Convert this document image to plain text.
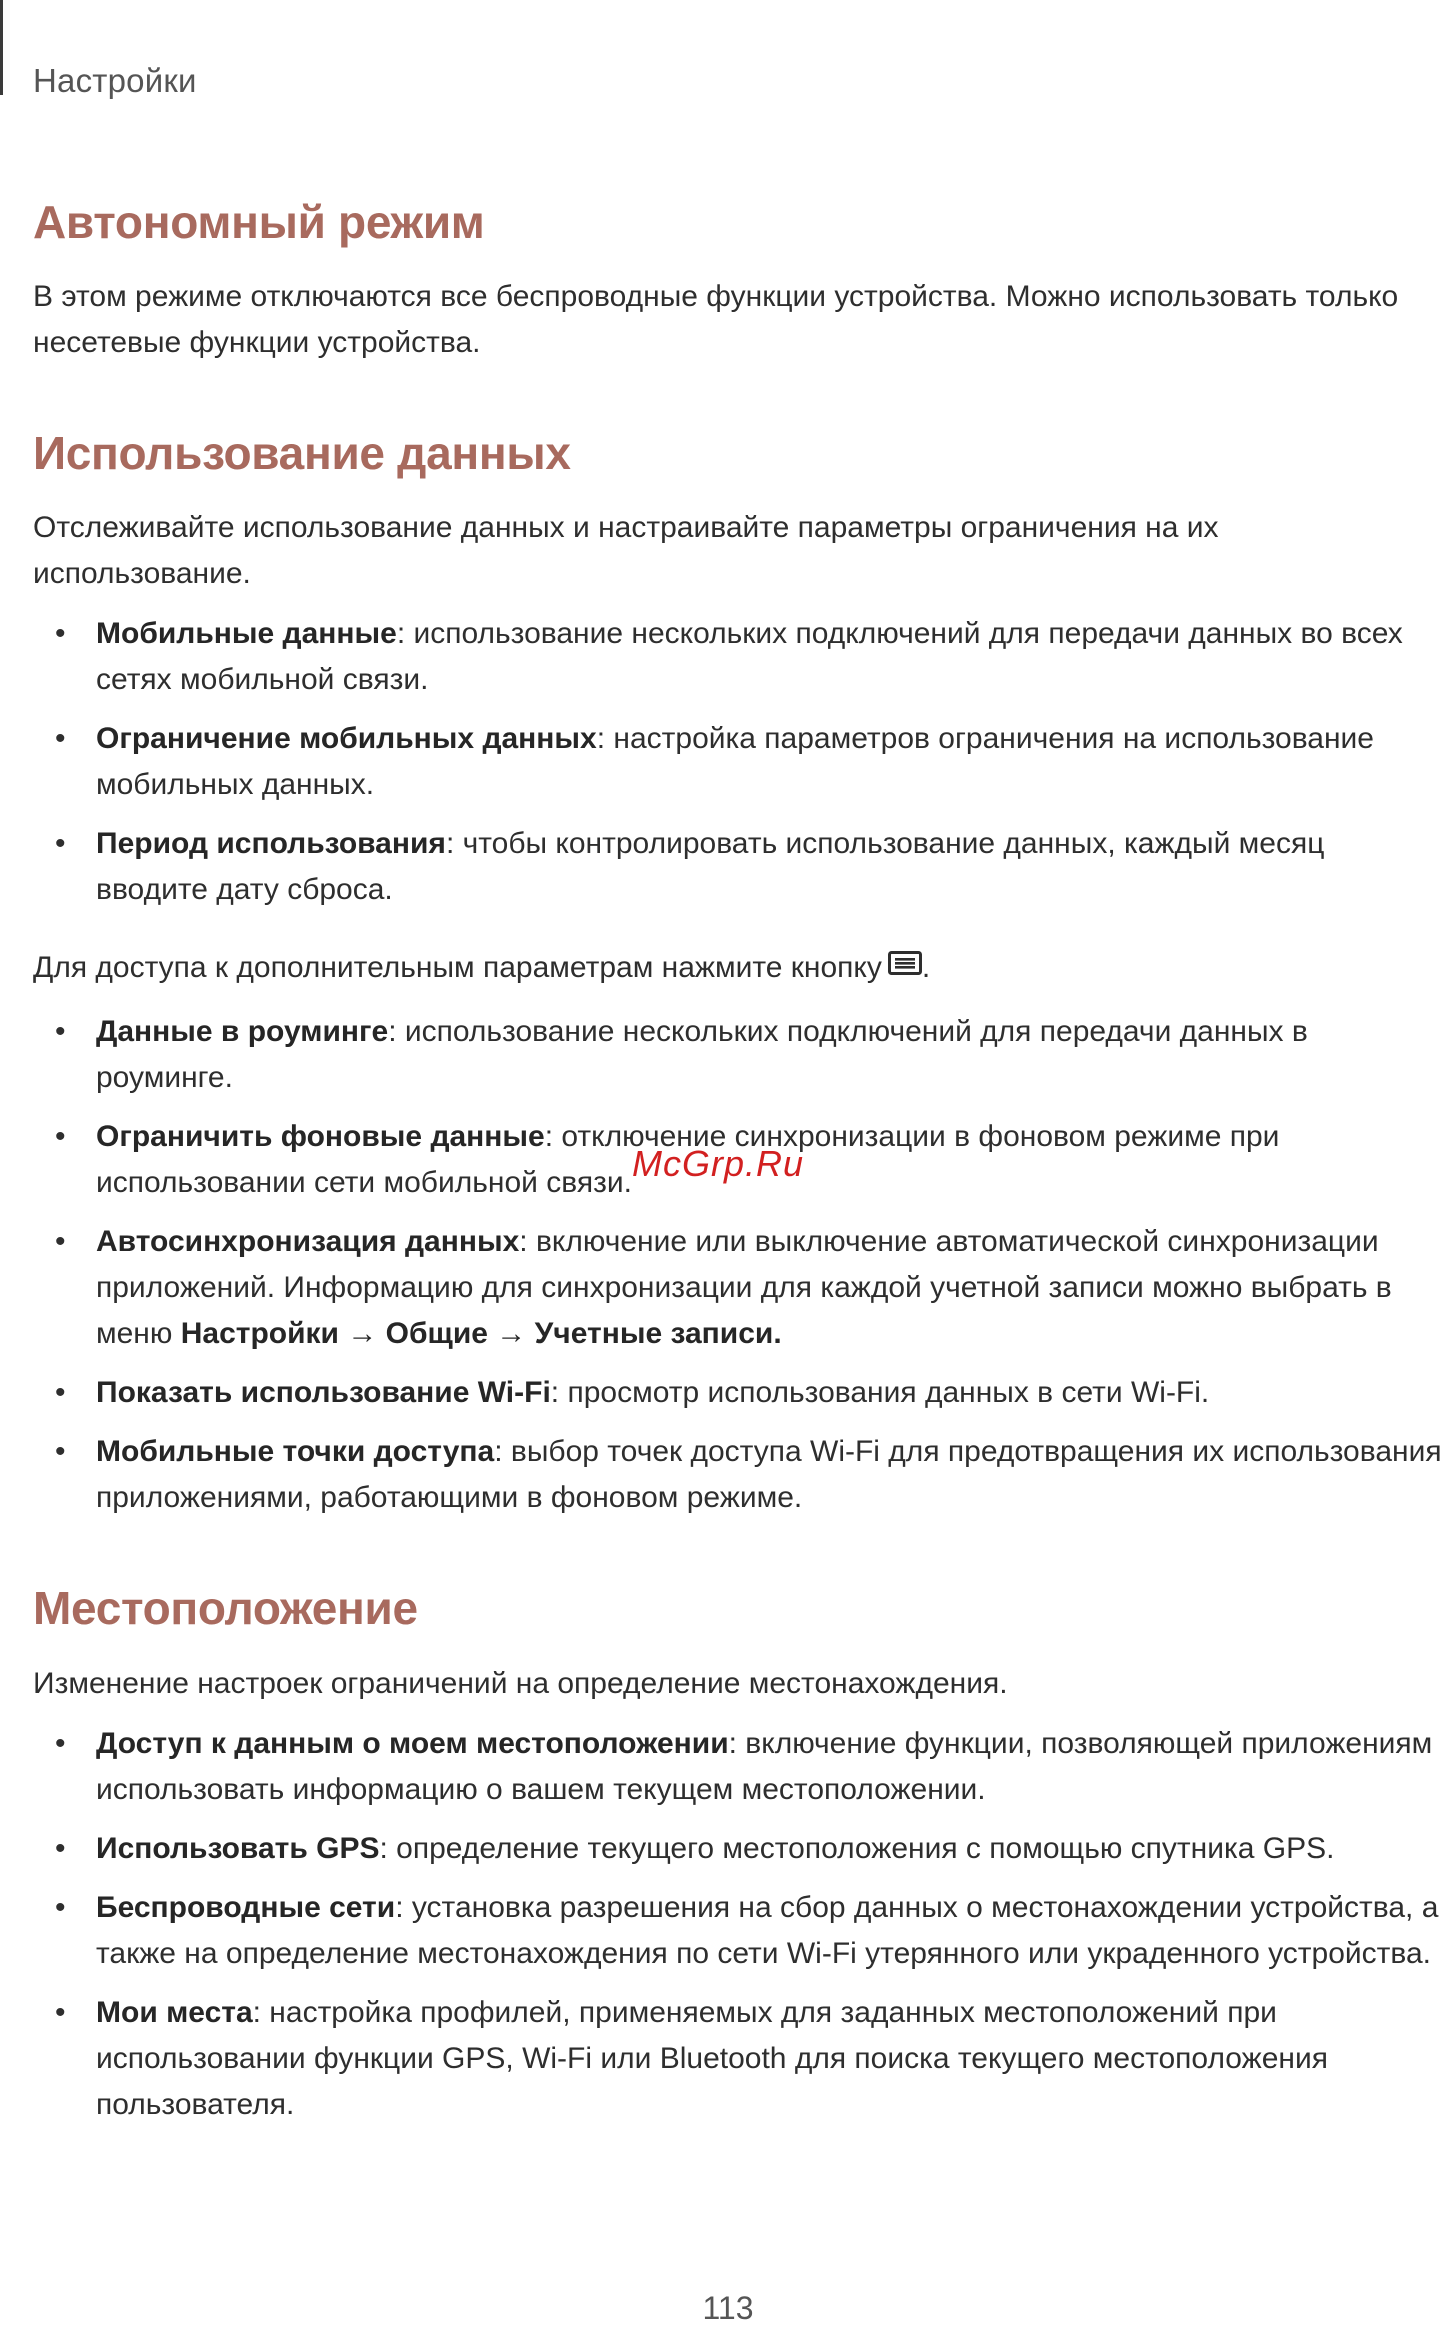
Настройки
Автономный режим

В этом режиме отключаются все беспроводные функции устройства. Можно использовать только несетевые функции устройства.

Использование данных

Отслеживайте использование данных и настраивайте параметры ограничения на их использование.

• Мобильные данные: использование нескольких подключений для передачи данных во всех сетях мобильной связи.
• Ограничение мобильных данных: настройка параметров ограничения на использование мобильных данных.
• Период использования: чтобы контролировать использование данных, каждый месяц вводите дату сброса.

Для доступа к дополнительным параметрам нажмите кнопку .

• Данные в роуминге: использование нескольких подключений для передачи данных в роуминге.
• Ограничить фоновые данные: отключение синхронизации в фоновом режиме при использовании сети мобильной связи.
• Автосинхронизация данных: включение или выключение автоматической синхронизации приложений. Информацию для синхронизации для каждой учетной записи можно выбрать в меню Настройки → Общие → Учетные записи.
• Показать использование Wi-Fi: просмотр использования данных в сети Wi-Fi.
• Мобильные точки доступа: выбор точек доступа Wi-Fi для предотвращения их использования приложениями, работающими в фоновом режиме.
Местоположение

Изменение настроек ограничений на определение местонахождения.

• Доступ к данным о моем местоположении: включение функции, позволяющей приложениям использовать информацию о вашем текущем местоположении.
• Использовать GPS: определение текущего местоположения с помощью спутника GPS.
• Беспроводные сети: установка разрешения на сбор данных о местонахождении устройства, а также на определение местонахождения по сети Wi-Fi утерянного или украденного устройства.
• Мои места: настройка профилей, применяемых для заданных местоположений при использовании функции GPS, Wi-Fi или Bluetooth для поиска текущего местоположения пользователя.
McGrp.Ru
113
